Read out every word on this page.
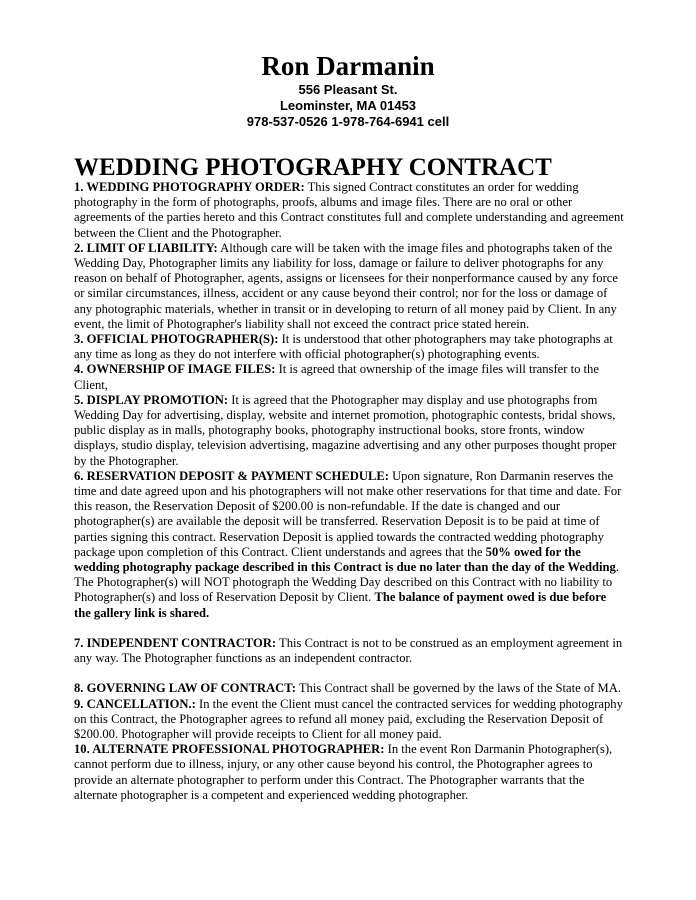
Ron Darmanin

556 Pleasant St.
Leominster, MA 01453
978-537-0526 1-978-764-6941 cell

WEDDING PHOTOGRAPHY CONTRACT

1. WEDDING PHOTOGRAPHY ORDER: This signed Contract constitutes an order for wedding photography in the form of photographs, proofs, albums and image files. There are no oral or other agreements of the parties hereto and this Contract constitutes full and complete understanding and agreement between the Client and the Photographer.

2. LIMIT OF LIABILITY: Although care will be taken with the image files and photographs taken of the Wedding Day, Photographer limits any liability for loss, damage or failure to deliver photographs for any reason on behalf of Photographer, agents, assigns or licensees for their nonperformance caused by any force or similar circumstances, illness, accident or any cause beyond their control; nor for the loss or damage of any photographic materials, whether in transit or in developing to return of all money paid by Client. In any event, the limit of Photographer's liability shall not exceed the contract price stated herein.

3. OFFICIAL PHOTOGRAPHER(S): It is understood that other photographers may take photographs at any time as long as they do not interfere with official photographer(s) photographing events.

4. OWNERSHIP OF IMAGE FILES: It is agreed that ownership of the image files will transfer to the Client,

5. DISPLAY PROMOTION: It is agreed that the Photographer may display and use photographs from Wedding Day for advertising, display, website and internet promotion, photographic contests, bridal shows, public display as in malls, photography books, photography instructional books, store fronts, window displays, studio display, television advertising, magazine advertising and any other purposes thought proper by the Photographer.

6. RESERVATION DEPOSIT & PAYMENT SCHEDULE: Upon signature, Ron Darmanin reserves the time and date agreed upon and his photographers will not make other reservations for that time and date. For this reason, the Reservation Deposit of $200.00 is non-refundable. If the date is changed and our photographer(s) are available the deposit will be transferred. Reservation Deposit is to be paid at time of parties signing this contract. Reservation Deposit is applied towards the contracted wedding photography package upon completion of this Contract. Client understands and agrees that the 50% owed for the wedding photography package described in this Contract is due no later than the day of the Wedding. The Photographer(s) will NOT photograph the Wedding Day described on this Contract with no liability to Photographer(s) and loss of Reservation Deposit by Client. The balance of payment owed is due before the gallery link is shared.

7. INDEPENDENT CONTRACTOR: This Contract is not to be construed as an employment agreement in any way. The Photographer functions as an independent contractor.

8. GOVERNING LAW OF CONTRACT: This Contract shall be governed by the laws of the State of MA.

9. CANCELLATION.: In the event the Client must cancel the contracted services for wedding photography on this Contract, the Photographer agrees to refund all money paid, excluding the Reservation Deposit of $200.00. Photographer will provide receipts to Client for all money paid.

10. ALTERNATE PROFESSIONAL PHOTOGRAPHER: In the event Ron Darmanin Photographer(s), cannot perform due to illness, injury, or any other cause beyond his control, the Photographer agrees to provide an alternate photographer to perform under this Contract. The Photographer warrants that the alternate photographer is a competent and experienced wedding photographer.
